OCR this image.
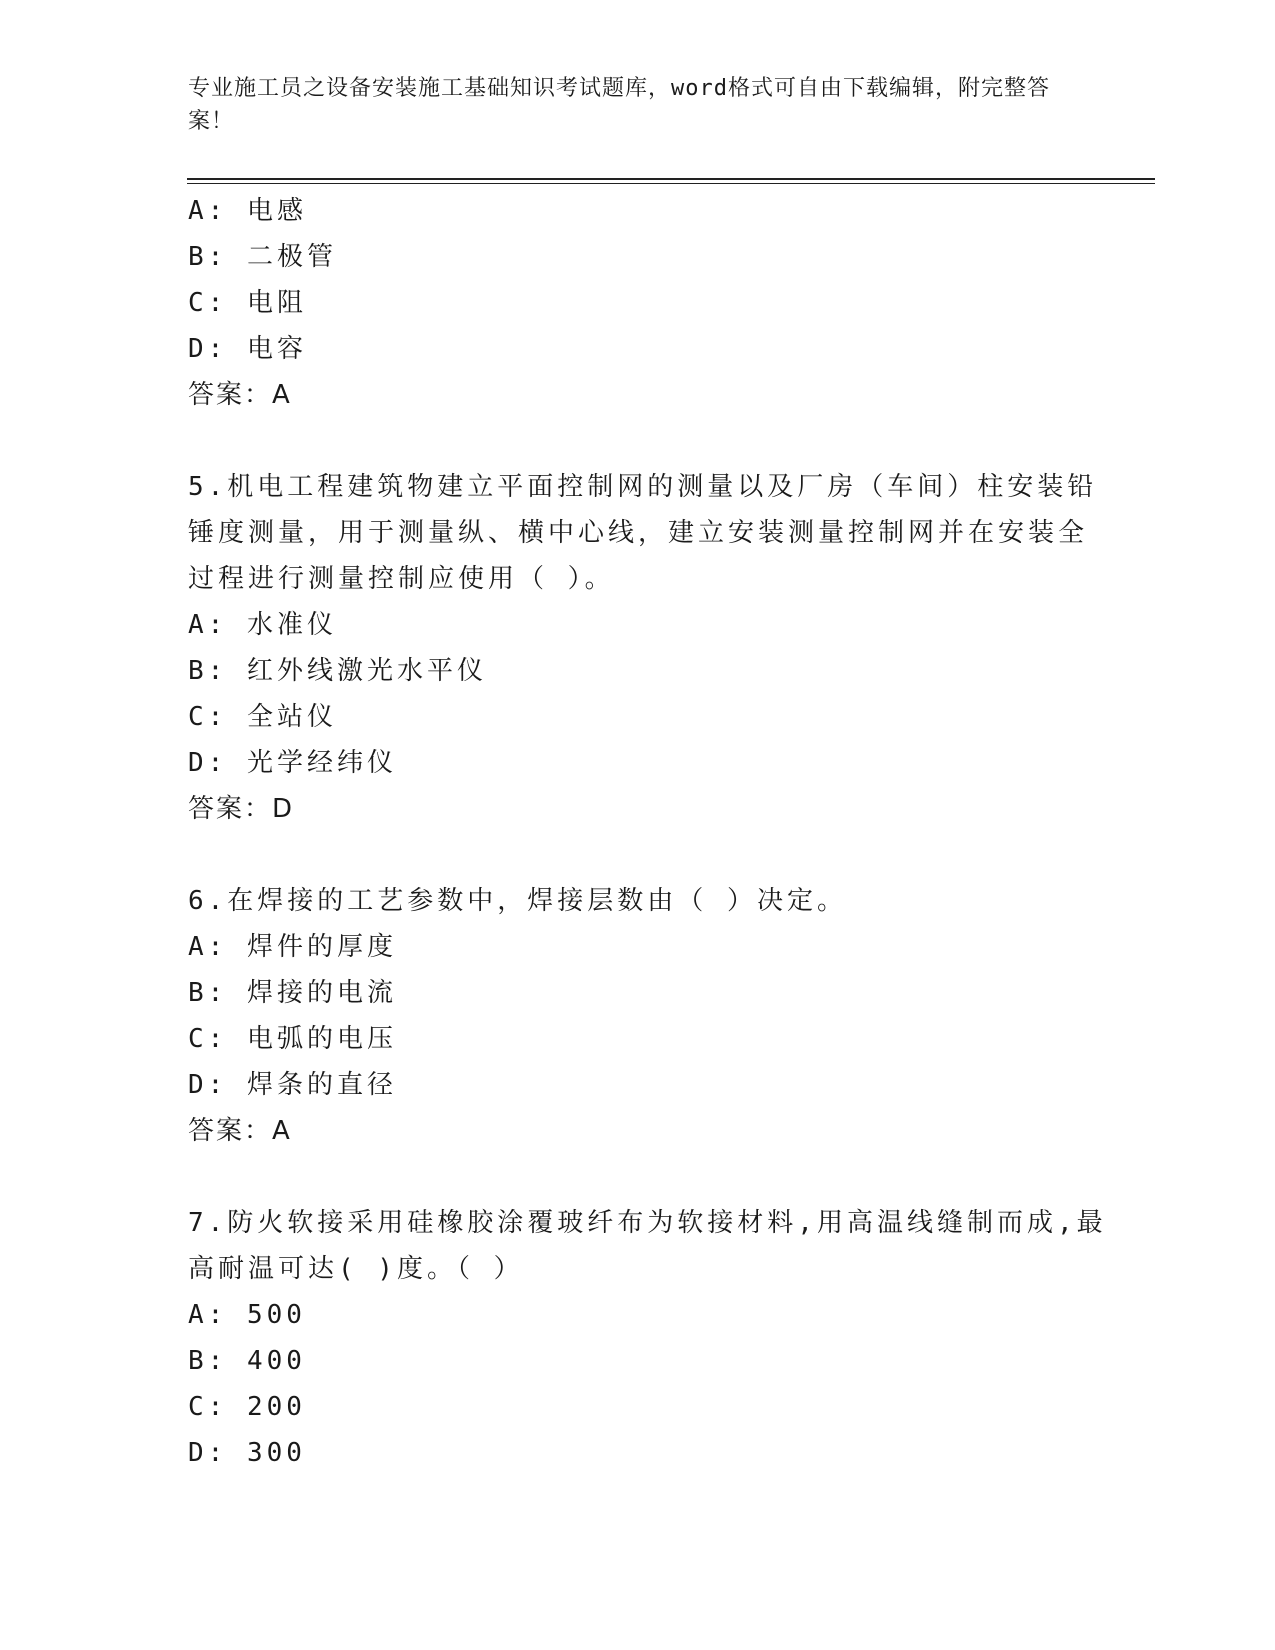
专业施工员之设备安装施工基础知识考试题库，word格式可自由下载编辑，附完整答案！
A: 电感
B: 二极管
C: 电阻
D: 电容
答案：A
5.机电工程建筑物建立平面控制网的测量以及厂房（车间）柱安装铅
锤度测量，用于测量纵、横中心线，建立安装测量控制网并在安装全
过程进行测量控制应使用（ ）。
A: 水准仪
B: 红外线激光水平仪
C: 全站仪
D: 光学经纬仪
答案：D
6.在焊接的工艺参数中，焊接层数由（ ）决定。
A: 焊件的厚度
B: 焊接的电流
C: 电弧的电压
D: 焊条的直径
答案：A
7.防火软接采用硅橡胶涂覆玻纤布为软接材料,用高温线缝制而成,最
高耐温可达( )度。（ ）
A: 500
B: 400
C: 200
D: 300
